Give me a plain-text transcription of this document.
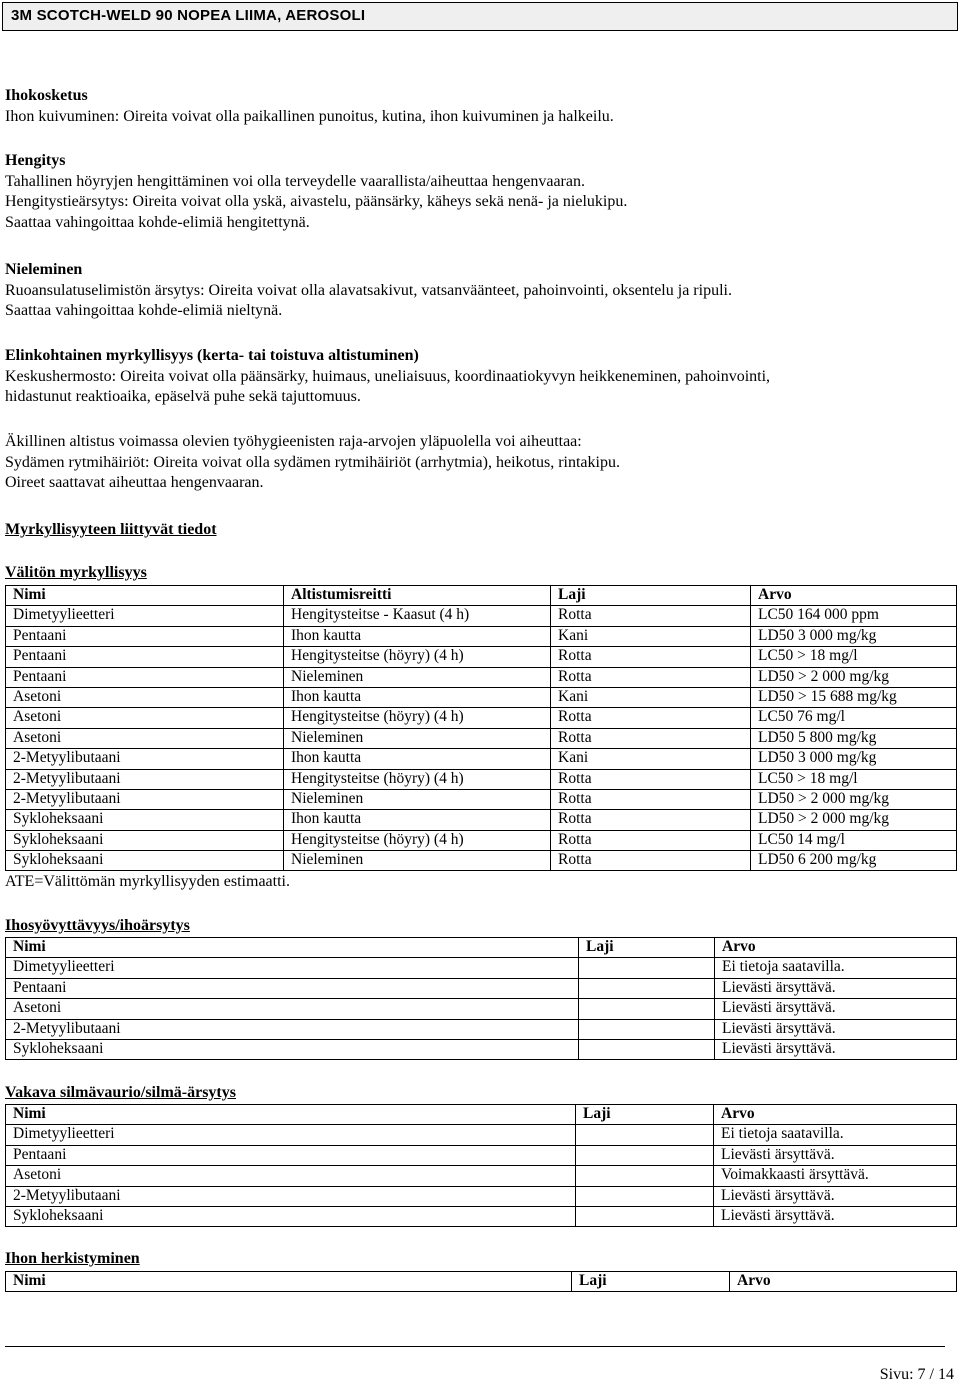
3M SCOTCH-WELD 90 NOPEA LIIMA, AEROSOLI
Ihokosketus
Ihon kuivuminen: Oireita voivat olla paikallinen punoitus, kutina, ihon kuivuminen ja halkeilu.
Hengitys
Tahallinen höyryjen hengittäminen voi olla terveydelle vaarallista/aiheuttaa hengenvaaran.
Hengitystieärsytys: Oireita voivat olla yskä, aivastelu, päänsärky, käheys sekä nenä- ja nielukipu.
Saattaa vahingoittaa kohde-elimiä hengitettynä.
Nieleminen
Ruoansulatuselimistön ärsytys: Oireita voivat olla alavatsakivut, vatsanväänteet, pahoinvointi, oksentelu ja ripuli.
Saattaa vahingoittaa kohde-elimiä nieltynä.
Elinkohtainen myrkyllisyys (kerta- tai toistuva altistuminen)
Keskushermosto: Oireita voivat olla päänsärky, huimaus, uneliaisuus, koordinaatiokyvyn heikkeneminen, pahoinvointi,
hidastunut reaktioaika, epäselvä puhe sekä tajuttomuus.
Äkillinen altistus voimassa olevien työhygieenisten raja-arvojen yläpuolella voi aiheuttaa:
Sydämen rytmihäiriöt: Oireita voivat olla sydämen rytmihäiriöt (arrhytmia), heikotus, rintakipu.
Oireet saattavat aiheuttaa hengenvaaran.
Myrkyllisyyteen liittyvät tiedot
Välitön myrkyllisyys
Nimi	Altistumisreitti	Laji	Arvo
Dimetyylieetteri	Hengitysteitse - Kaasut (4 h)	Rotta	LC50 164 000 ppm
Pentaani	Ihon kautta	Kani	LD50 3 000 mg/kg
Pentaani	Hengitysteitse (höyry) (4 h)	Rotta	LC50 > 18 mg/l
Pentaani	Nieleminen	Rotta	LD50 > 2 000 mg/kg
Asetoni	Ihon kautta	Kani	LD50 > 15 688 mg/kg
Asetoni	Hengitysteitse (höyry) (4 h)	Rotta	LC50 76 mg/l
Asetoni	Nieleminen	Rotta	LD50 5 800 mg/kg
2-Metyylibutaani	Ihon kautta	Kani	LD50 3 000 mg/kg
2-Metyylibutaani	Hengitysteitse (höyry) (4 h)	Rotta	LC50 > 18 mg/l
2-Metyylibutaani	Nieleminen	Rotta	LD50 > 2 000 mg/kg
Sykloheksaani	Ihon kautta	Rotta	LD50 > 2 000 mg/kg
Sykloheksaani	Hengitysteitse (höyry) (4 h)	Rotta	LC50 14 mg/l
Sykloheksaani	Nieleminen	Rotta	LD50 6 200 mg/kg
ATE=Välittömän myrkyllisyyden estimaatti.
Ihosyövyttävyys/ihoärsytys
Nimi	Laji	Arvo
Dimetyylieetteri		Ei tietoja saatavilla.
Pentaani		Lievästi ärsyttävä.
Asetoni		Lievästi ärsyttävä.
2-Metyylibutaani		Lievästi ärsyttävä.
Sykloheksaani		Lievästi ärsyttävä.
Vakava silmävaurio/silmä-ärsytys
Nimi	Laji	Arvo
Dimetyylieetteri		Ei tietoja saatavilla.
Pentaani		Lievästi ärsyttävä.
Asetoni		Voimakkaasti ärsyttävä.
2-Metyylibutaani		Lievästi ärsyttävä.
Sykloheksaani		Lievästi ärsyttävä.
Ihon herkistyminen
Nimi	Laji	Arvo
Sivu: 7 / 14
